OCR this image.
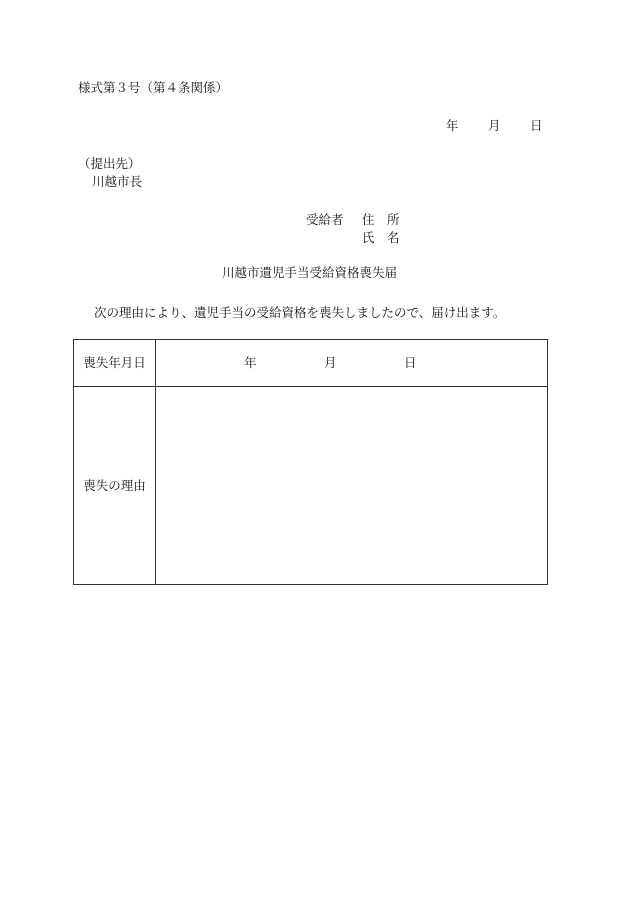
様式第３号（第４条関係）
年 月 日
（提出先）
川越市長
受給者 住　所
氏　名
川越市遺児手当受給資格喪失届
次の理由により、遺児手当の受給資格を喪失しましたので、届け出ます。
喪失年月日	年 月 日

喪失の理由	
